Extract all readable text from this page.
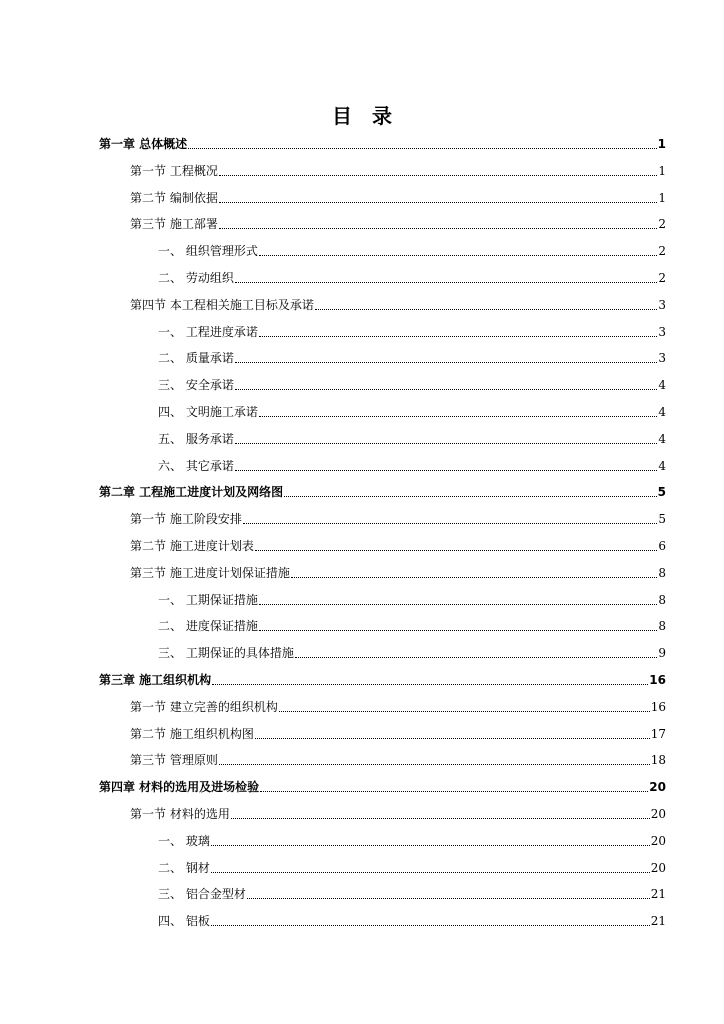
目　录
第一章 总体概述	1
第一节 工程概况	1
第二节 编制依据	1
第三节 施工部署	2
一、 组织管理形式	2
二、 劳动组织	2
第四节 本工程相关施工目标及承诺	3
一、 工程进度承诺	3
二、 质量承诺	3
三、 安全承诺	4
四、 文明施工承诺	4
五、 服务承诺	4
六、 其它承诺	4
第二章 工程施工进度计划及网络图	5
第一节 施工阶段安排	5
第二节 施工进度计划表	6
第三节 施工进度计划保证措施	8
一、 工期保证措施	8
二、 进度保证措施	8
三、 工期保证的具体措施	9
第三章 施工组织机构	16
第一节 建立完善的组织机构	16
第二节 施工组织机构图	17
第三节 管理原则	18
第四章 材料的选用及进场检验	20
第一节 材料的选用	20
一、 玻璃	20
二、 钢材	20
三、 铝合金型材	21
四、 铝板	21
